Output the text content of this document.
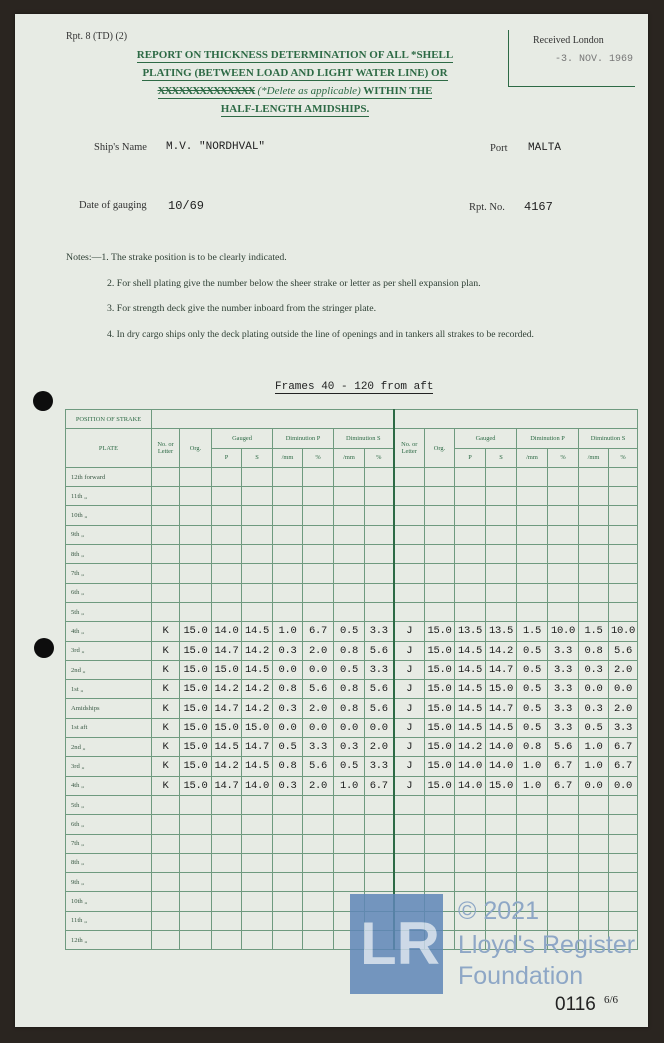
Rpt. 8 (TD) (2)
REPORT ON THICKNESS DETERMINATION OF ALL *SHELL
PLATING (BETWEEN LOAD AND LIGHT WATER LINE) OR
XXXXXXXXXXXXXX (*Delete as applicable) WITHIN THE
HALF-LENGTH AMIDSHIPS.
Received London
-3. NOV. 1969
Ship's Name M.V. "NORDHVAL"	Port MALTA
Date of gauging 10/69	Rpt. No. 4167
Notes:—1. The strake position is to be clearly indicated.
2. For shell plating give the number below the sheer strake or letter as per shell expansion plan.
3. For strength deck give the number inboard from the stringer plate.
4. In dry cargo ships only the deck plating outside the line of openings and in tankers all strakes to be recorded.
Frames 40 - 120 from aft
POSITION OF STRAKE																
PLATE	No. or Letter	Org.	Gauged		Diminution P		Diminution S		No. or Letter	Org.	Gauged		Diminution P		Diminution S	
			P	S	/mm	%	/mm	%			P	S	/mm	%	/mm	%
12th forward																
11th „																
10th „																
9th „																
8th „																
7th „																
6th „																
5th „																
4th „	K	15.0	14.0	14.5	1.0	6.7	0.5	3.3	J	15.0	13.5	13.5	1.5	10.0	1.5	10.0
3rd „	K	15.0	14.7	14.2	0.3	2.0	0.8	5.6	J	15.0	14.5	14.2	0.5	3.3	0.8	5.6
2nd „	K	15.0	15.0	14.5	0.0	0.0	0.5	3.3	J	15.0	14.5	14.7	0.5	3.3	0.3	2.0
1st „	K	15.0	14.2	14.2	0.8	5.6	0.8	5.6	J	15.0	14.5	15.0	0.5	3.3	0.0	0.0
Amidships	K	15.0	14.7	14.2	0.3	2.0	0.8	5.6	J	15.0	14.5	14.7	0.5	3.3	0.3	2.0
1st aft	K	15.0	15.0	15.0	0.0	0.0	0.0	0.0	J	15.0	14.5	14.5	0.5	3.3	0.5	3.3
2nd „	K	15.0	14.5	14.7	0.5	3.3	0.3	2.0	J	15.0	14.2	14.0	0.8	5.6	1.0	6.7
3rd „	K	15.0	14.2	14.5	0.8	5.6	0.5	3.3	J	15.0	14.0	14.0	1.0	6.7	1.0	6.7
4th „	K	15.0	14.7	14.0	0.3	2.0	1.0	6.7	J	15.0	14.0	15.0	1.0	6.7	0.0	0.0
5th „																
6th „																
7th „																
8th „																
9th „																
10th „																
11th „																
12th „																	LR © 2021
Lloyd's Register
Foundation
0116 6/6
